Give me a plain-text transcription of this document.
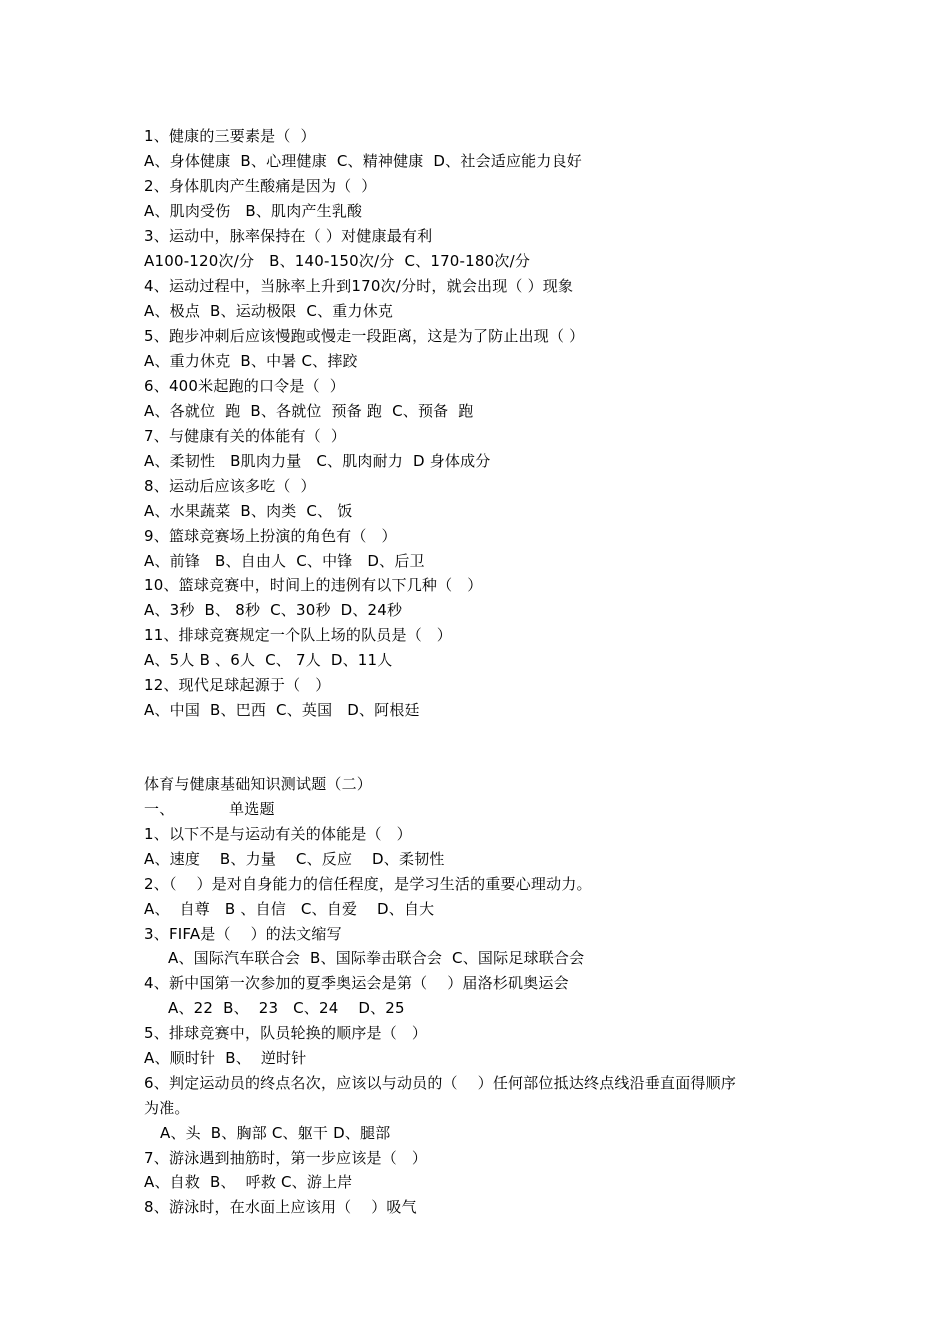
1、健康的三要素是（  ）
A、身体健康  B、心理健康  C、精神健康  D、社会适应能力良好
2、身体肌肉产生酸痛是因为（  ）
A、肌肉受伤   B、肌肉产生乳酸
3、运动中，脉率保持在（ ）对健康最有利
A100-120次/分   B、140-150次/分  C、170-180次/分
4、运动过程中，当脉率上升到170次/分时，就会出现（ ）现象
A、极点  B、运动极限  C、重力休克
5、跑步冲刺后应该慢跑或慢走一段距离，这是为了防止出现（ ）
A、重力休克  B、中暑 C、摔跤
6、400米起跑的口令是（  ）
A、各就位  跑  B、各就位  预备 跑  C、预备  跑
7、与健康有关的体能有（  ）
A、柔韧性   B肌肉力量   C、肌肉耐力  D 身体成分
8、运动后应该多吃（  ）
A、水果蔬菜  B、肉类  C、 饭
9、篮球竞赛场上扮演的角色有（   ）
A、前锋   B、自由人  C、中锋   D、后卫
10、篮球竞赛中，时间上的违例有以下几种（   ）
A、3秒  B、 8秒  C、30秒  D、24秒
11、排球竞赛规定一个队上场的队员是（   ）
A、5人 B 、6人  C、 7人  D、11人
12、现代足球起源于（   ）
A、中国  B、巴西  C、英国   D、阿根廷
体育与健康基础知识测试题（二）
一、           单选题
1、以下不是与运动有关的体能是（   ）
A、速度    B、力量    C、反应    D、柔韧性
2、（    ）是对自身能力的信任程度，是学习生活的重要心理动力。
A、  自尊   B 、自信   C、自爱    D、自大
3、FIFA是（    ）的法文缩写
A、国际汽车联合会  B、国际拳击联合会  C、国际足球联合会
4、新中国第一次参加的夏季奥运会是第（    ）届洛杉矶奥运会
A、22  B、  23   C、24    D、25
5、排球竞赛中，队员轮换的顺序是（   ）
A、顺时针  B、  逆时针
6、判定运动员的终点名次，应该以与动员的（    ）任何部位抵达终点线沿垂直面得顺序
为准。
A、头  B、胸部 C、躯干 D、腿部
7、游泳遇到抽筋时，第一步应该是（   ）
A、自救  B、  呼救 C、游上岸
8、游泳时，在水面上应该用（    ）吸气
